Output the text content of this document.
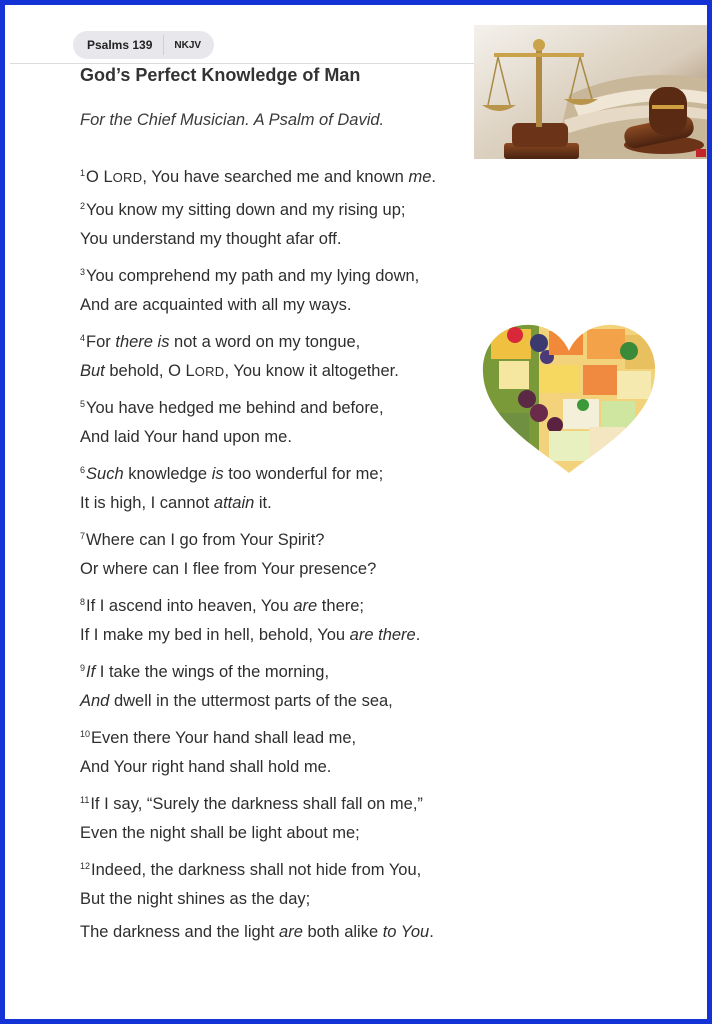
Psalms 139	NKJV
God’s Perfect Knowledge of Man
For the Chief Musician. A Psalm of David.
$^1$O LORD, You have searched me and known me.
$^2$You know my sitting down and my rising up;
You understand my thought afar off.
$^3$You comprehend my path and my lying down,
And are acquainted with all my ways.
$^4$For there is not a word on my tongue,
But behold, O LORD, You know it altogether.
$^5$You have hedged me behind and before,
And laid Your hand upon me.
$^6$Such knowledge is too wonderful for me;
It is high, I cannot attain it.
$^7$Where can I go from Your Spirit?
Or where can I flee from Your presence?
$^8$If I ascend into heaven, You are there;
If I make my bed in hell, behold, You are there.
$^9$If I take the wings of the morning,
And dwell in the uttermost parts of the sea,
$^{10}$Even there Your hand shall lead me,
And Your right hand shall hold me.
$^{11}$If I say, “Surely the darkness shall fall on me,”
Even the night shall be light about me;
$^{12}$Indeed, the darkness shall not hide from You,
But the night shines as the day;
The darkness and the light are both alike to You.
